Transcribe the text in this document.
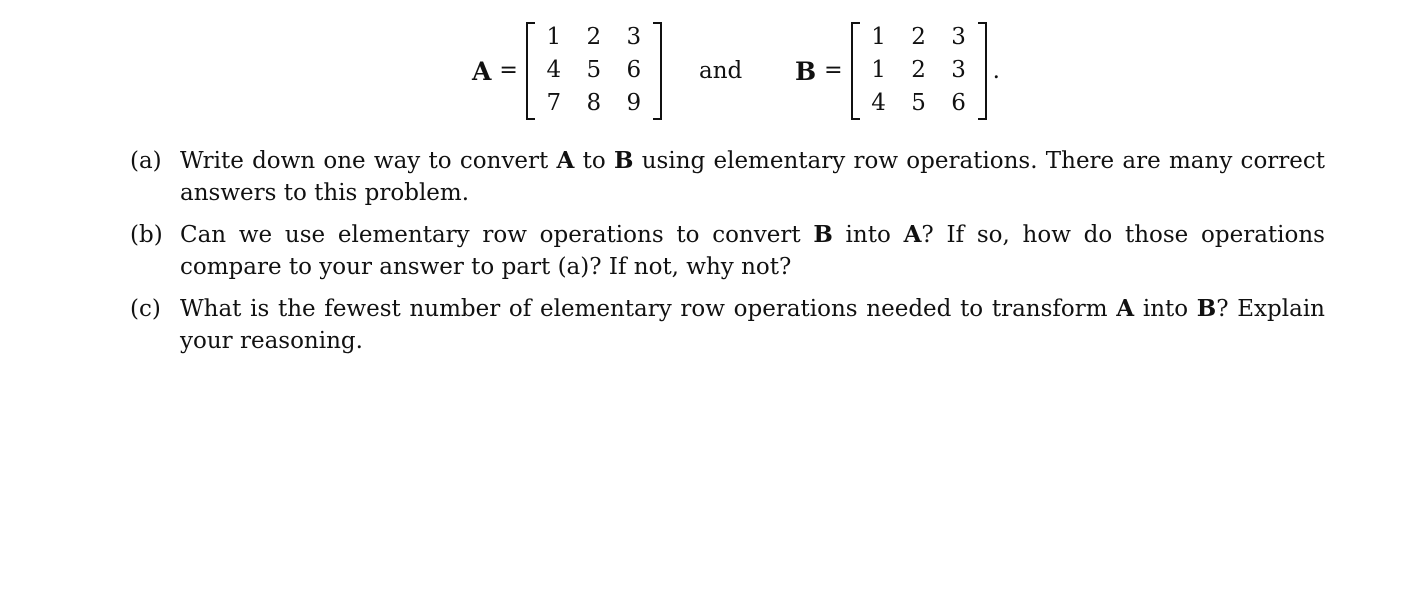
A =
1 2 3
4 5 6
7 8 9
and B =
1 2 3
1 2 3
4 5 6
.
(a) Write down one way to convert A to B using elementary row operations. There are many correct answers to this problem.
(b) Can we use elementary row operations to convert B into A? If so, how do those operations compare to your answer to part (a)? If not, why not?
(c) What is the fewest number of elementary row operations needed to transform A into B? Explain your reasoning.
